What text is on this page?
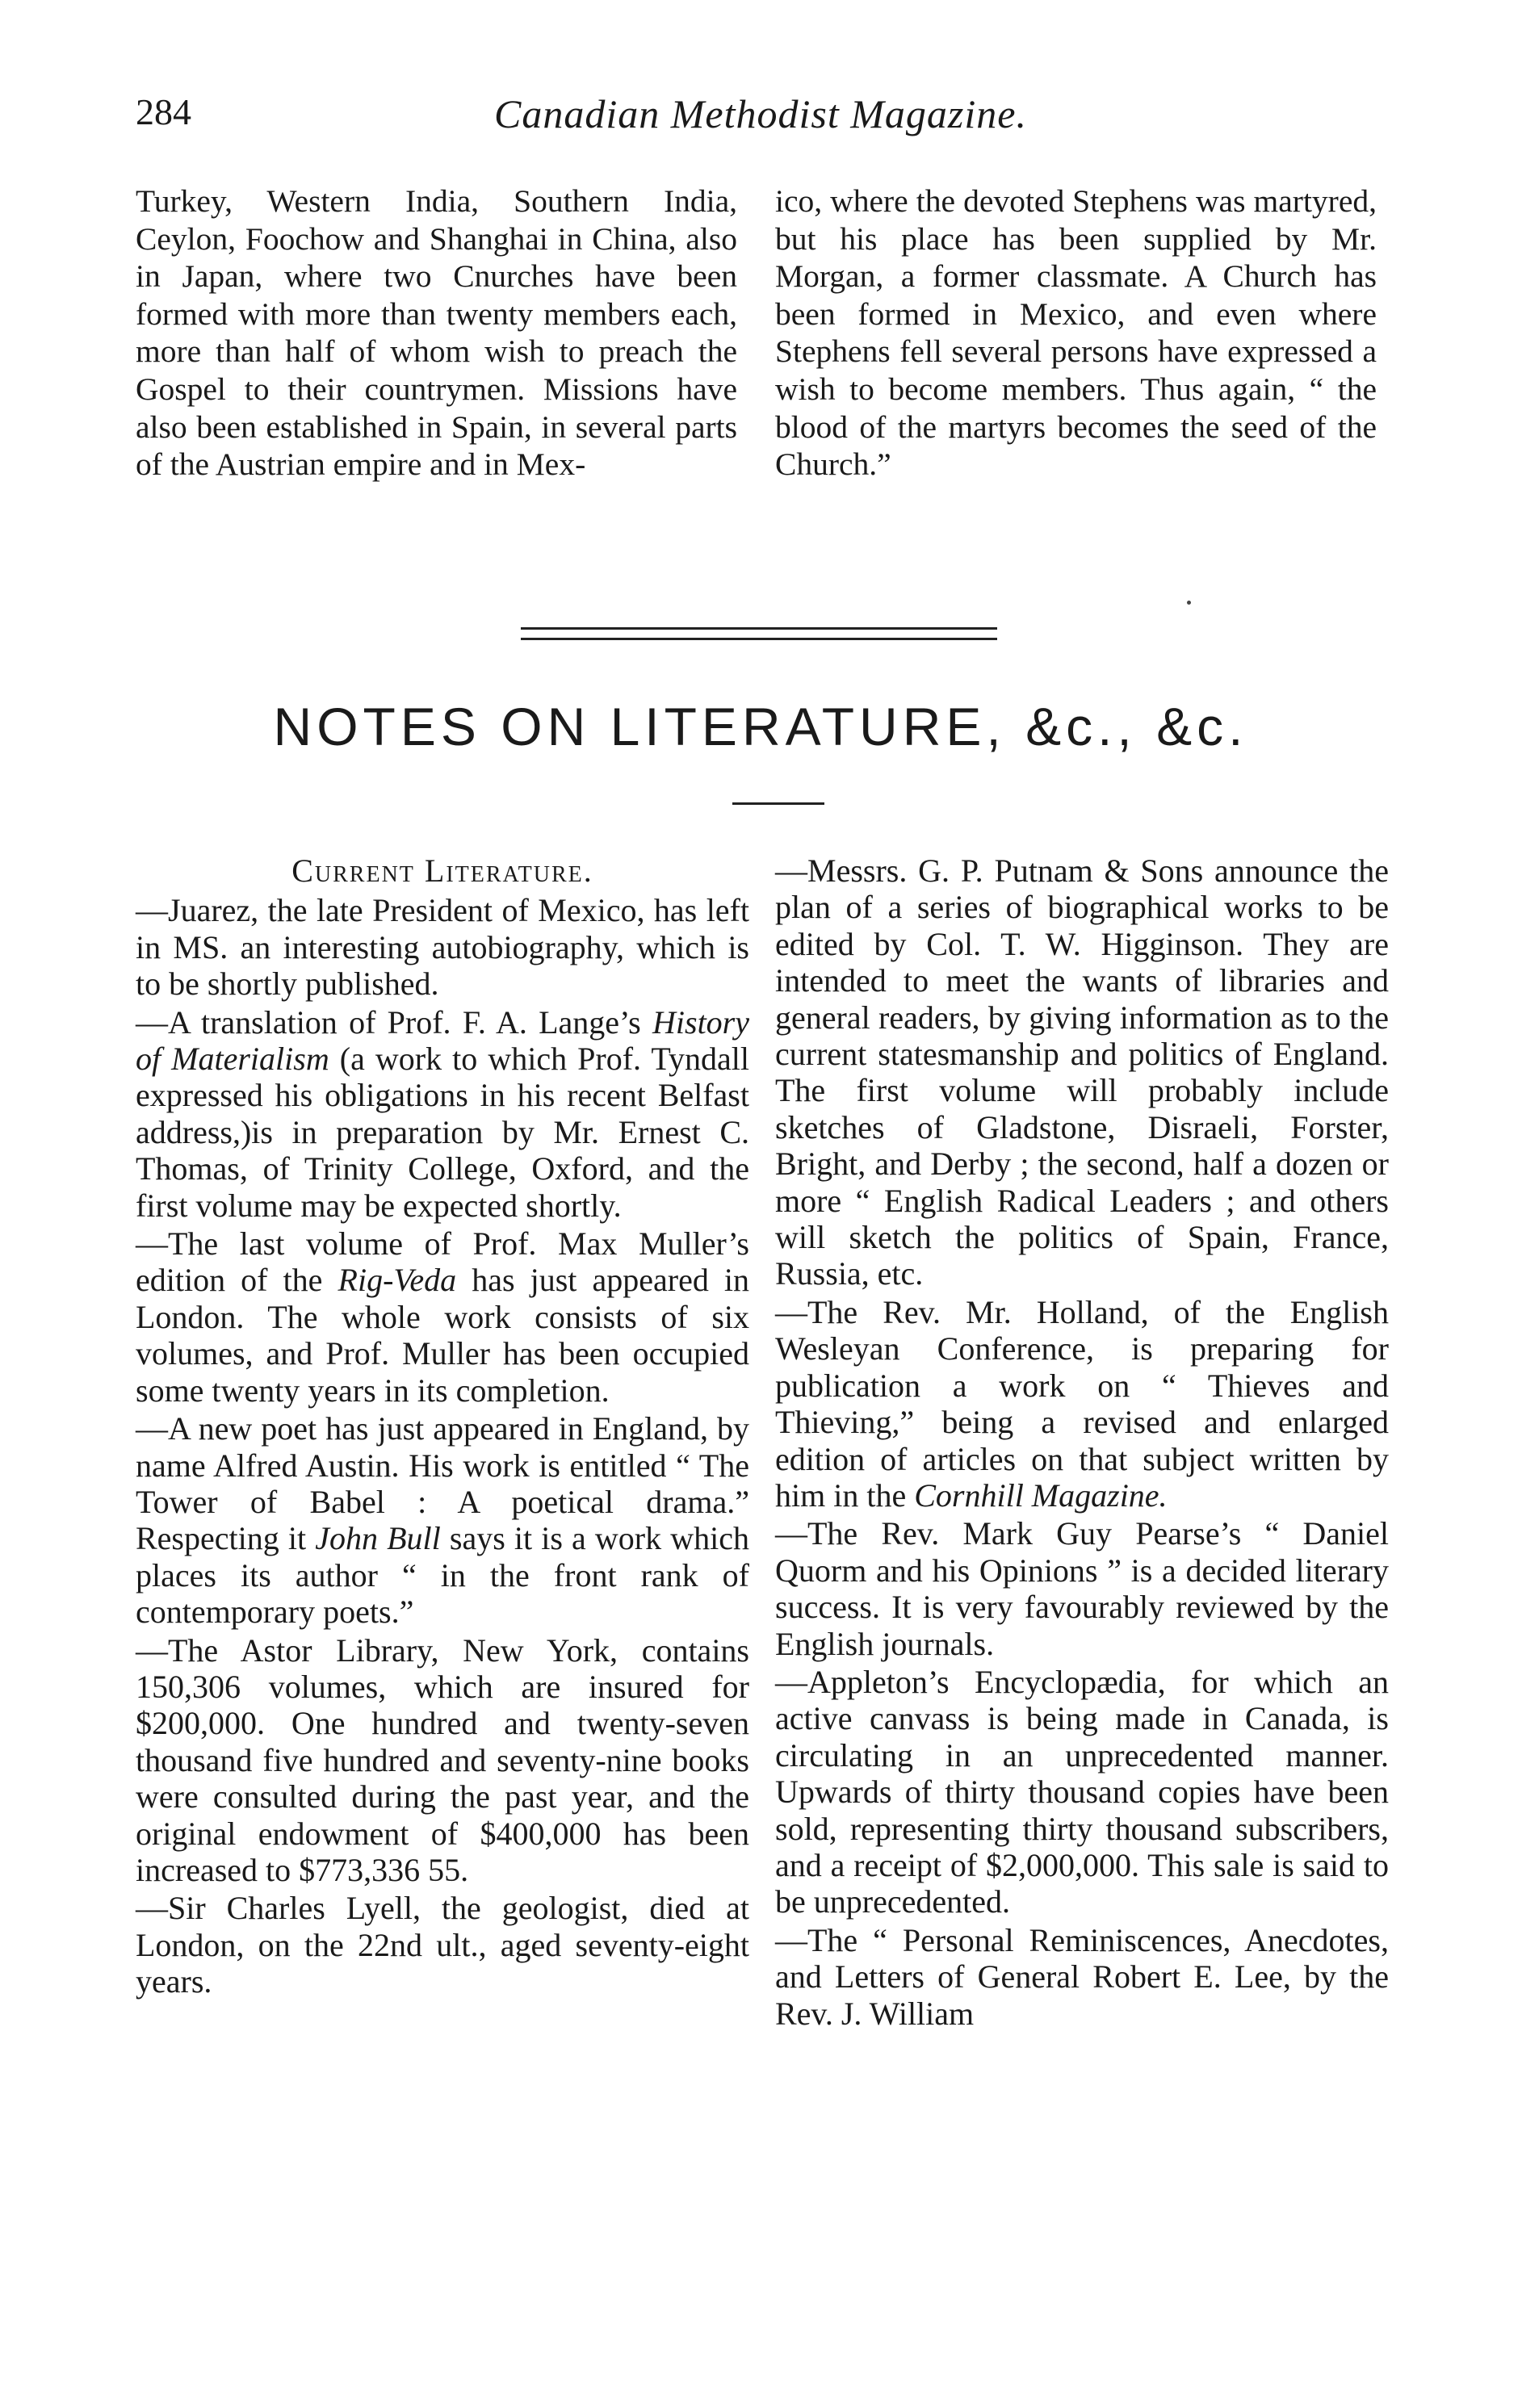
284	Canadian Methodist Magazine.

Turkey, Western India, Southern India, Ceylon, Foochow and Shanghai in China, also in Japan, where two Cnurches have been formed with more than twenty members each, more than half of whom wish to preach the Gospel to their countrymen. Missions have also been established in Spain, in several parts of the Austrian empire and in Mex-

ico, where the devoted Stephens was martyred, but his place has been supplied by Mr. Morgan, a former classmate. A Church has been formed in Mexico, and even where Stephens fell several persons have expressed a wish to become members. Thus again, “ the blood of the martyrs becomes the seed of the Church.”

NOTES ON LITERATURE, &c., &c.

Current Literature.

—Juarez, the late President of Mexico, has left in MS. an interesting autobiography, which is to be shortly published.

—A translation of Prof. F. A. Lange’s History of Materialism (a work to which Prof. Tyndall expressed his obligations in his recent Belfast address,)is in preparation by Mr. Ernest C. Thomas, of Trinity College, Oxford, and the first volume may be expected shortly.

—The last volume of Prof. Max Muller’s edition of the Rig-Veda has just appeared in London. The whole work consists of six volumes, and Prof. Muller has been occupied some twenty years in its completion.

—A new poet has just appeared in England, by name Alfred Austin. His work is entitled “ The Tower of Babel : A poetical drama.” Respecting it John Bull says it is a work which places its author “ in the front rank of contemporary poets.”

—The Astor Library, New York, contains 150,306 volumes, which are insured for $200,000. One hundred and twenty-seven thousand five hundred and seventy-nine books were consulted during the past year, and the original endowment of $400,000 has been increased to $773,336 55.

—Sir Charles Lyell, the geologist, died at London, on the 22nd ult., aged seventy-eight years.

—Messrs. G. P. Putnam & Sons announce the plan of a series of biographical works to be edited by Col. T. W. Higginson. They are intended to meet the wants of libraries and general readers, by giving information as to the current statesmanship and politics of England. The first volume will probably include sketches of Gladstone, Disraeli, Forster, Bright, and Derby ; the second, half a dozen or more “ English Radical Leaders ; and others will sketch the politics of Spain, France, Russia, etc.

—The Rev. Mr. Holland, of the English Wesleyan Conference, is preparing for publication a work on “ Thieves and Thieving,” being a revised and enlarged edition of articles on that subject written by him in the Cornhill Magazine.

—The Rev. Mark Guy Pearse’s “ Daniel Quorm and his Opinions ” is a decided literary success. It is very favourably reviewed by the English journals.

—Appleton’s Encyclopædia, for which an active canvass is being made in Canada, is circulating in an unprecedented manner. Upwards of thirty thousand copies have been sold, representing thirty thousand subscribers, and a receipt of $2,000,000. This sale is said to be unprecedented.

—The “ Personal Reminiscences, Anecdotes, and Letters of General Robert E. Lee, by the Rev. J. William
